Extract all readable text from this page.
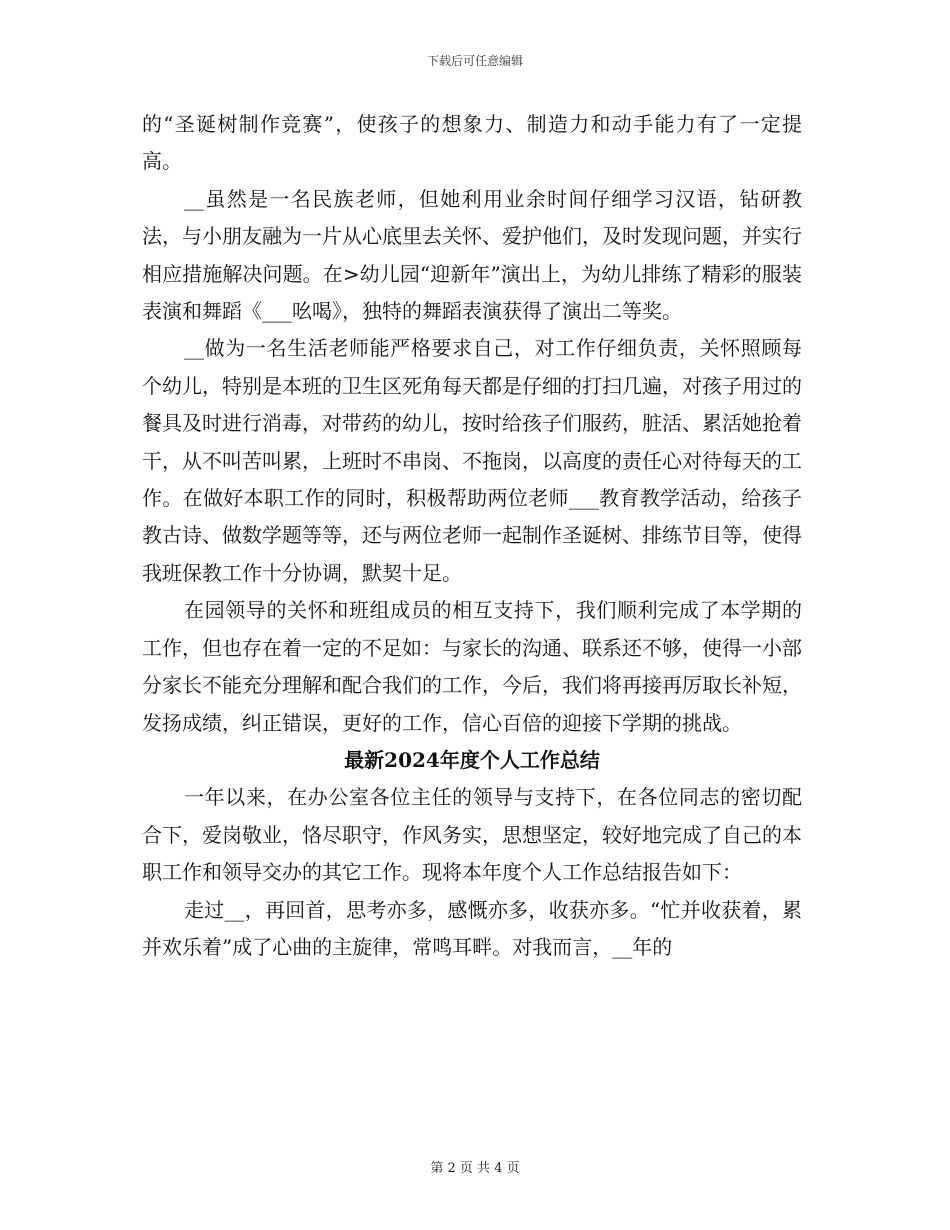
下载后可任意编辑

的“圣诞树制作竞赛”，使孩子的想象力、制造力和动手能力有了一定提高。

__虽然是一名民族老师，但她利用业余时间仔细学习汉语，钻研教法，与小朋友融为一片从心底里去关怀、爱护他们，及时发现问题，并实行相应措施解决问题。在>幼儿园“迎新年”演出上，为幼儿排练了精彩的服装表演和舞蹈《___吆喝》，独特的舞蹈表演获得了演出二等奖。

__做为一名生活老师能严格要求自己，对工作仔细负责，关怀照顾每个幼儿，特别是本班的卫生区死角每天都是仔细的打扫几遍，对孩子用过的餐具及时进行消毒，对带药的幼儿，按时给孩子们服药，脏活、累活她抢着干，从不叫苦叫累，上班时不串岗、不拖岗，以高度的责任心对待每天的工作。在做好本职工作的同时，积极帮助两位老师___教育教学活动，给孩子教古诗、做数学题等等，还与两位老师一起制作圣诞树、排练节目等，使得我班保教工作十分协调，默契十足。

在园领导的关怀和班组成员的相互支持下，我们顺利完成了本学期的工作，但也存在着一定的不足如：与家长的沟通、联系还不够，使得一小部分家长不能充分理解和配合我们的工作，今后，我们将再接再厉取长补短，发扬成绩，纠正错误，更好的工作，信心百倍的迎接下学期的挑战。

最新2024年度个人工作总结

一年以来，在办公室各位主任的领导与支持下，在各位同志的密切配合下，爱岗敬业，恪尽职守，作风务实，思想坚定，较好地完成了自己的本职工作和领导交办的其它工作。现将本年度个人工作总结报告如下：

走过__，再回首，思考亦多，感慨亦多，收获亦多。“忙并收获着，累并欢乐着”成了心曲的主旋律，常鸣耳畔。对我而言，__年的

第 2 页 共 4 页
